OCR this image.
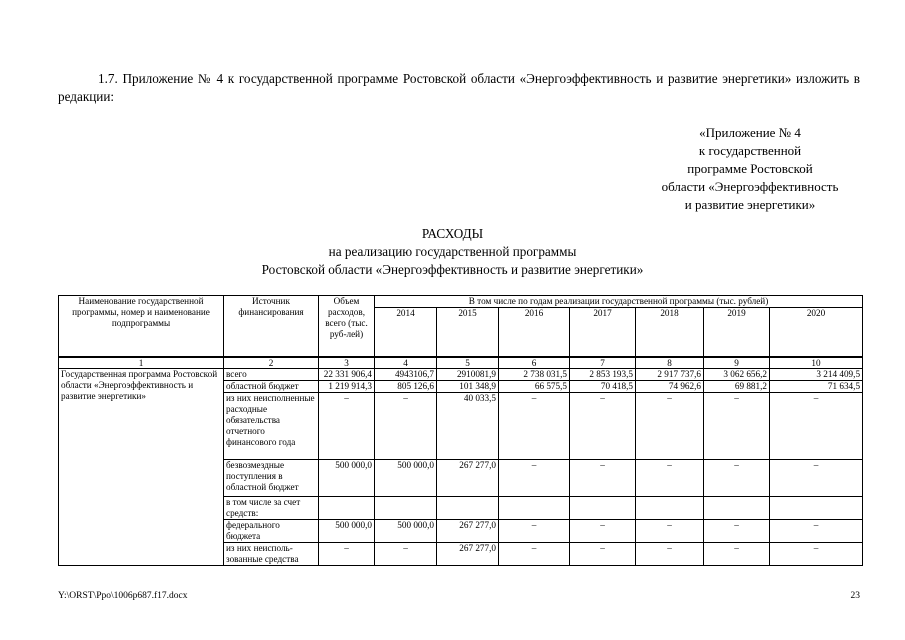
1.7. Приложение № 4 к государственной программе Ростовской области «Энергоэффективность и развитие энергетики» изложить в редакции:
«Приложение № 4
к государственной
программе Ростовской
области «Энергоэффективность
и развитие энергетики»
РАСХОДЫ
на реализацию государственной программы
Ростовской области «Энергоэффективность и развитие энергетики»
Наименование государственной программы, номер и наименование подпрограммы	Источник финансирования	Объем расходов, всего (тыс. руб-лей)	В том числе по годам реализации государственной программы (тыс. рублей)						
			2014	2015	2016	2017	2018	2019	2020
1	2	3	4	5	6	7	8	9	10
Государственная программа Ростовской области «Энергоэффективность и развитие энергетики»	всего	22 331 906,4	4943106,7	2910081,9	2 738 031,5	2 853 193,5	2 917 737,6	3 062 656,2	3 214 409,5
	областной бюджет	1 219 914,3	805 126,6	101 348,9	66 575,5	70 418,5	74 962,6	69 881,2	71 634,5
	из них неисполненные расходные обязательства отчетного финансового года	–	–	40 033,5	–	–	–	–	–
	безвозмездные поступления в областной бюджет	500 000,0	500 000,0	267 277,0	–	–	–	–	–
	в том числе за счет средств:								
	федерального бюджета	500 000,0	500 000,0	267 277,0	–	–	–	–	–
	из них неисполь-зованные средства	–	–	267 277,0	–	–	–	–	–
Y:\ORST\Ppo\1006p687.f17.docx	23
